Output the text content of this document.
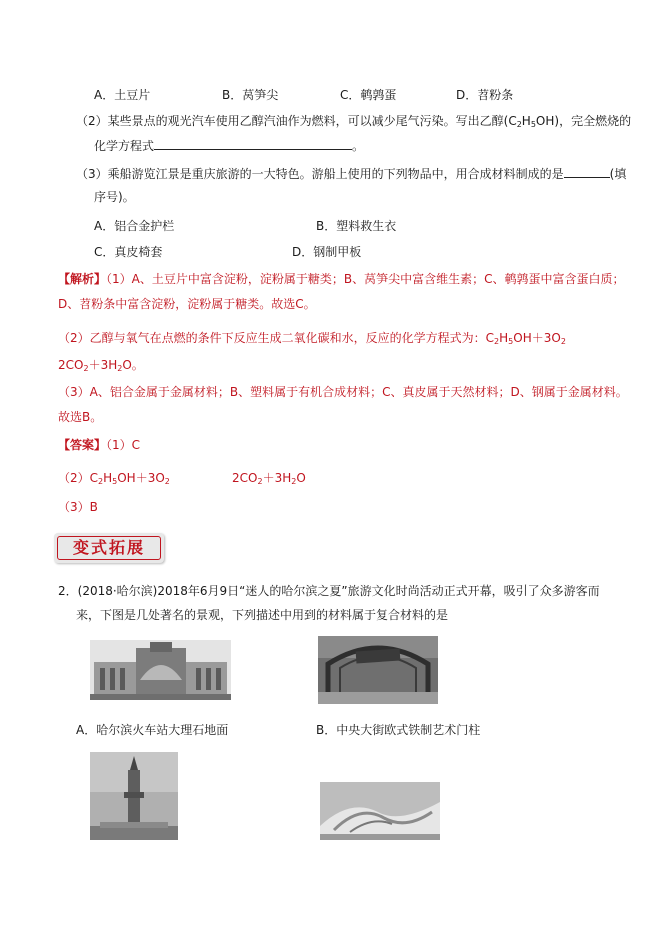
A．土豆片	B．莴笋尖	C．鹌鹑蛋	D．苕粉条
（2）某些景点的观光汽车使用乙醇汽油作为燃料，可以减少尾气污染。写出乙醇$(C_2H_5OH)$，完全燃烧的
化学方程式	。
（3）乘船游览江景是重庆旅游的一大特色。游船上使用的下列物品中，用合成材料制成的是	(填
序号)。
A．铝合金护栏	B．塑料救生衣
C．真皮椅套	D．钢制甲板
【解析】（1）A、土豆片中富含淀粉，淀粉属于糖类；B、莴笋尖中富含维生素；C、鹌鹑蛋中富含蛋白质；
D、苕粉条中富含淀粉，淀粉属于糖类。故选C。
（2）乙醇与氧气在点燃的条件下反应生成二氧化碳和水，反应的化学方程式为：$C_2H_5OH+3O_2$
$2CO_2+3H_2O$。
（3）A、铝合金属于金属材料；B、塑料属于有机合成材料；C、真皮属于天然材料；D、钢属于金属材料。
故选B。
【答案】（1）C
$(2)C_2H_5OH+3O_2$	$2CO_2+3H_2O$
（3）B
变式拓展
2．(2018·哈尔滨)2018年6月9日“迷人的哈尔滨之夏”旅游文化时尚活动正式开幕，吸引了众多游客而
来，下图是几处著名的景观，下列描述中用到的材料属于复合材料的是
A．哈尔滨火车站大理石地面	B．中央大街欧式铁制艺术门柱
